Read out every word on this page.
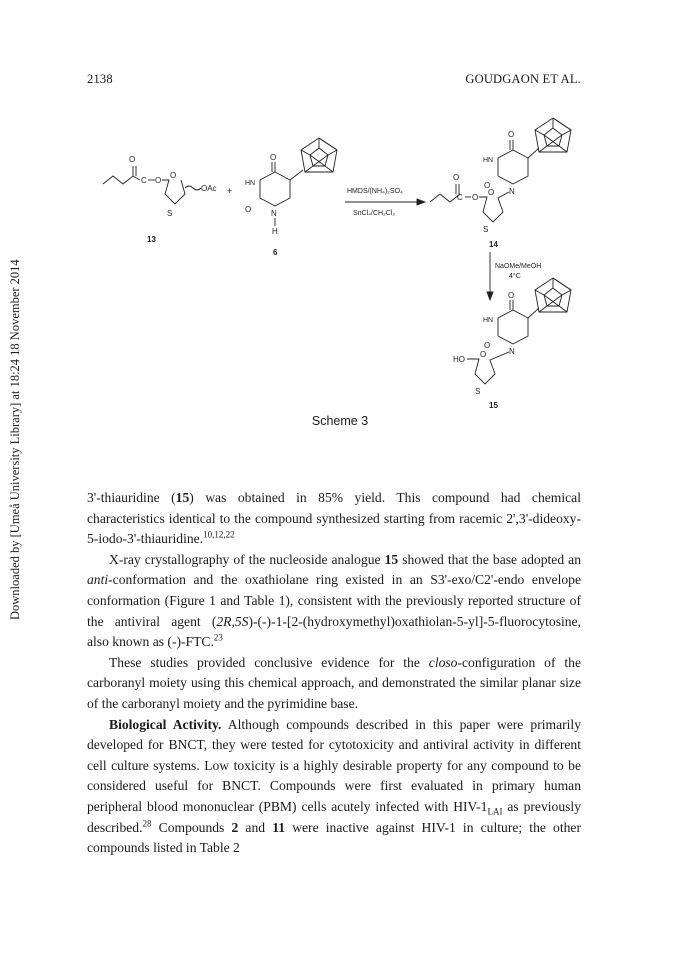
2138	GOUDGAON ET AL.
Downloaded by [Umeå University Library] at 18:24 18 November 2014
O
C O
O
S
OAc
13
+
O
HN
O N
H
6
HMDS/(NH₄)₂SO₄
SnCl₄/CH₂Cl₂
O
HN
O
N
O
C O
O
S
14
NaOMe/MeOH
4°C
O
HN
O
N
HO
O
S
15
Scheme 3

3'-thiauridine (15) was obtained in 85% yield. This compound had chemical characteristics identical to the compound synthesized starting from racemic 2',3'-dideoxy-5-iodo-3'-thiauridine.$^{10,12,22}$

X-ray crystallography of the nucleoside analogue 15 showed that the base adopted an anti-conformation and the oxathiolane ring existed in an S3'-exo/C2'-endo envelope conformation (Figure 1 and Table 1), consistent with the previously reported structure of the antiviral agent (2R,5S)-(-)-1-[2-(hydroxymethyl)oxathiolan-5-yl]-5-fluorocytosine, also known as (-)-FTC.$^{23}$

These studies provided conclusive evidence for the closo-configuration of the carboranyl moiety using this chemical approach, and demonstrated the similar planar size of the carboranyl moiety and the pyrimidine base.

Biological Activity. Although compounds described in this paper were primarily developed for BNCT, they were tested for cytotoxicity and antiviral activity in different cell culture systems. Low toxicity is a highly desirable property for any compound to be considered useful for BNCT. Compounds were first evaluated in primary human peripheral blood mononuclear (PBM) cells acutely infected with HIV-$1_{LAI}$ as previously described.$^{28}$ Compounds 2 and 11 were inactive against HIV-1 in culture; the other compounds listed in Table 2
